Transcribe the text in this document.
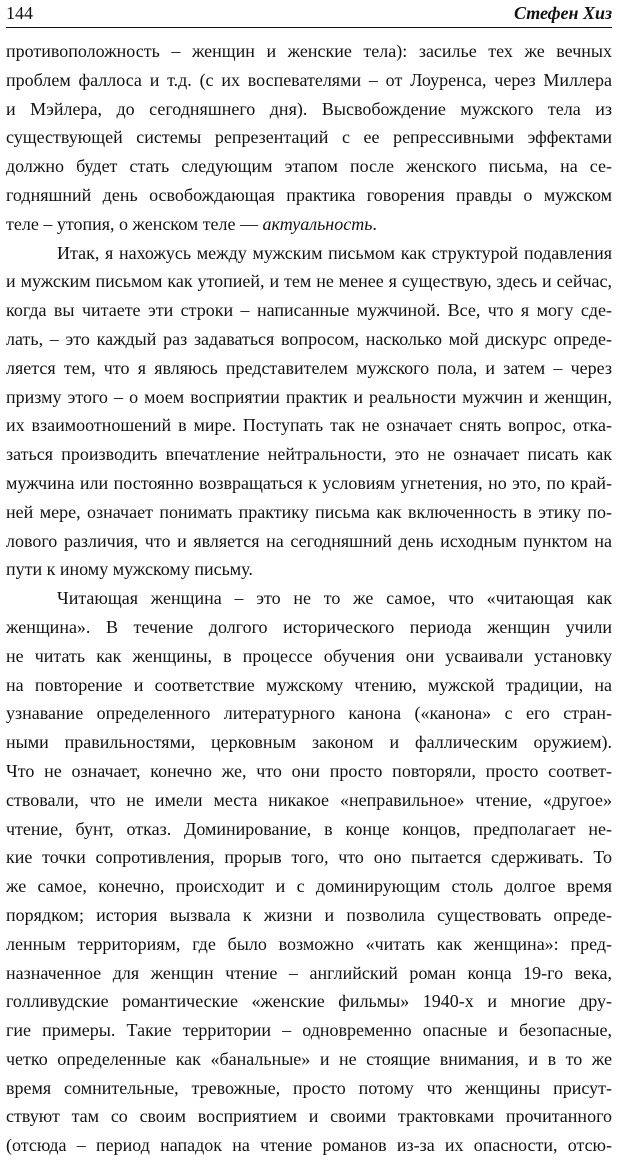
144	Стефен Хиз
противоположность – женщин и женские тела): засилье тех же вечных
проблем фаллоса и т.д. (с их воспевателями – от Лоуренса, через Миллера
и Мэйлера, до сегодняшнего дня). Высвобождение мужского тела из
существующей системы репрезентаций с ее репрессивными эффектами
должно будет стать следующим этапом после женского письма, на се-
годняшний день освобождающая практика говорения правды о мужском
теле – утопия, о женском теле — актуальность.
Итак, я нахожусь между мужским письмом как структурой подавления
и мужским письмом как утопией, и тем не менее я существую, здесь и сейчас,
когда вы читаете эти строки – написанные мужчиной. Все, что я могу сде-
лать, – это каждый раз задаваться вопросом, насколько мой дискурс опреде-
ляется тем, что я являюсь представителем мужского пола, и затем – через
призму этого – о моем восприятии практик и реальности мужчин и женщин,
их взаимоотношений в мире. Поступать так не означает снять вопрос, отка-
заться производить впечатление нейтральности, это не означает писать как
мужчина или постоянно возвращаться к условиям угнетения, но это, по край-
ней мере, означает понимать практику письма как включенность в этику по-
лового различия, что и является на сегодняшний день исходным пунктом на
пути к иному мужскому письму.
Читающая женщина – это не то же самое, что «читающая как
женщина». В течение долгого исторического периода женщин учили
не читать как женщины, в процессе обучения они усваивали установку
на повторение и соответствие мужскому чтению, мужской традиции, на
узнавание определенного литературного канона («канона» с его стран-
ными правильностями, церковным законом и фаллическим оружием).
Что не означает, конечно же, что они просто повторяли, просто соответ-
ствовали, что не имели места никакое «неправильное» чтение, «другое»
чтение, бунт, отказ. Доминирование, в конце концов, предполагает не-
кие точки сопротивления, прорыв того, что оно пытается сдерживать. То
же самое, конечно, происходит и с доминирующим столь долгое время
порядком; история вызвала к жизни и позволила существовать опреде-
ленным территориям, где было возможно «читать как женщина»: пред-
назначенное для женщин чтение – английский роман конца 19-го века,
голливудские романтические «женские фильмы» 1940-х и многие дру-
гие примеры. Такие территории – одновременно опасные и безопасные,
четко определенные как «банальные» и не стоящие внимания, и в то же
время сомнительные, тревожные, просто потому что женщины присут-
ствуют там со своим восприятием и своими трактовками прочитанного
(отсюда – период нападок на чтение романов из-за их опасности, отсю-
